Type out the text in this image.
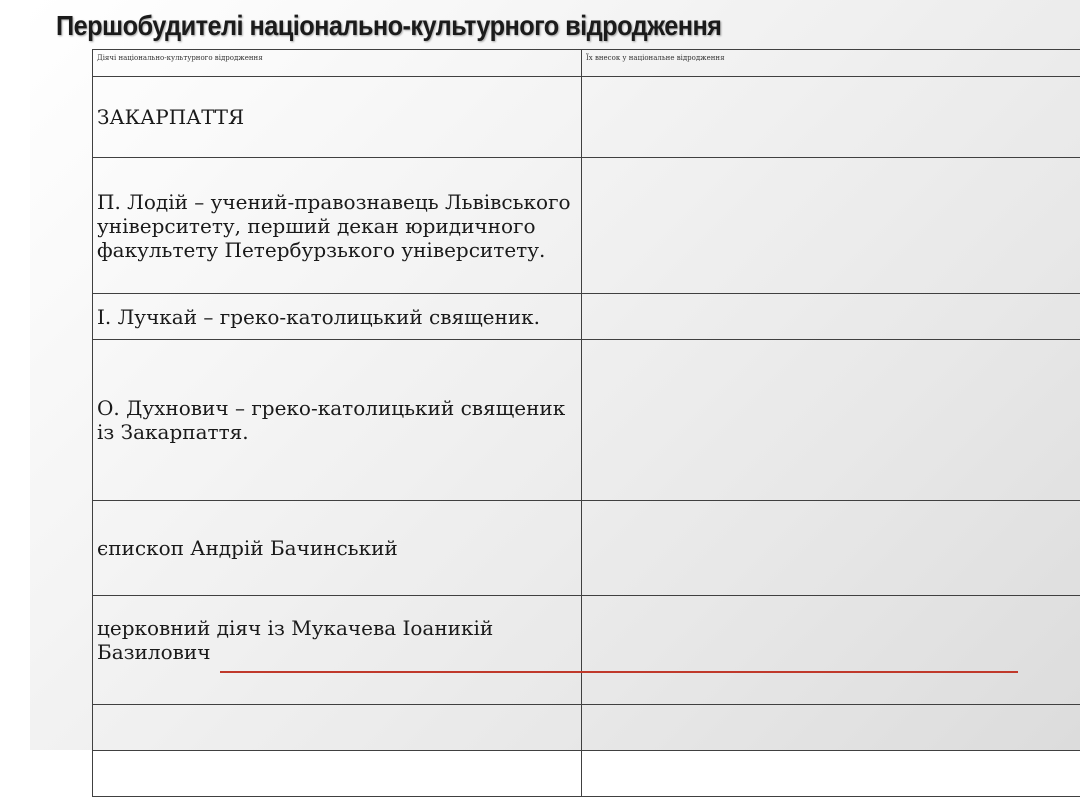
Першобудителі національно-культурного відродження
Діячі національно-культурного відродження	Їх внесок у національне відродження
ЗАКАРПАТТЯ	
П. Лодій – учений-правознавець Львівського університету, перший декан юридичного факультету Петербурзького університету.	
І. Лучкай – греко-католицький священик.	
О. Духнович – греко-католицький священик із Закарпаття.	
єпископ Андрій Бачинський	
церковний діяч із Мукачева Іоаникій Базилович	
